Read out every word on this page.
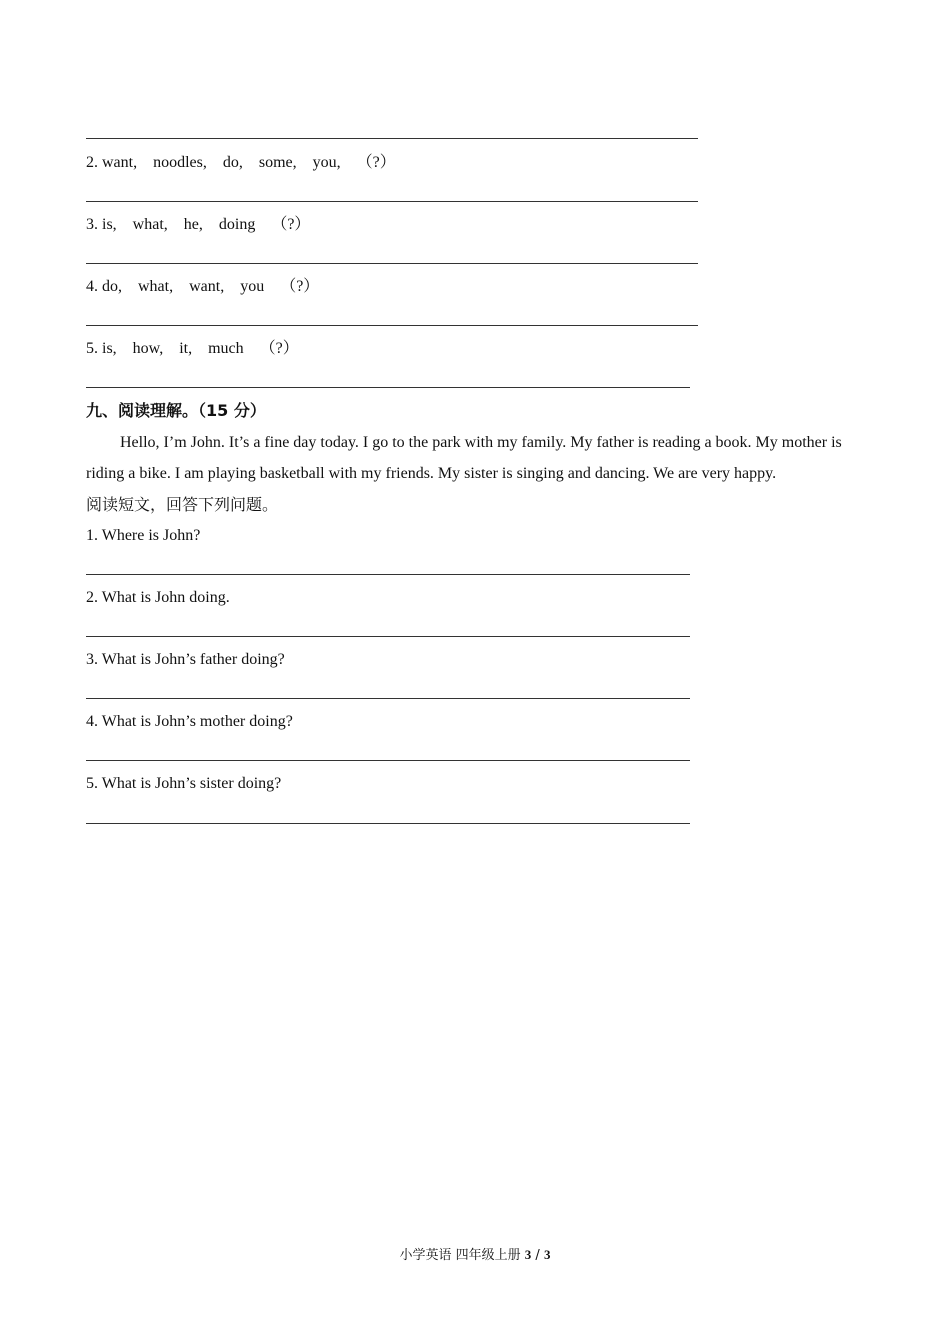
2. want,    noodles,    do,    some,    you,    （?）
3. is,    what,    he,    doing    （?）
4. do,    what,    want,    you    （?）
5. is,    how,    it,    much    （?）
九、阅读理解。（15 分）
Hello, I’m John. It’s a fine day today. I go to the park with my family. My father is reading a book. My mother is riding a bike. I am playing basketball with my friends. My sister is singing and dancing. We are very happy.
阅读短文，回答下列问题。
1. Where is John?
2. What is John doing.
3. What is John’s father doing?
4. What is John’s mother doing?
5. What is John’s sister doing?
小学英语 四年级上册 3 / 3
